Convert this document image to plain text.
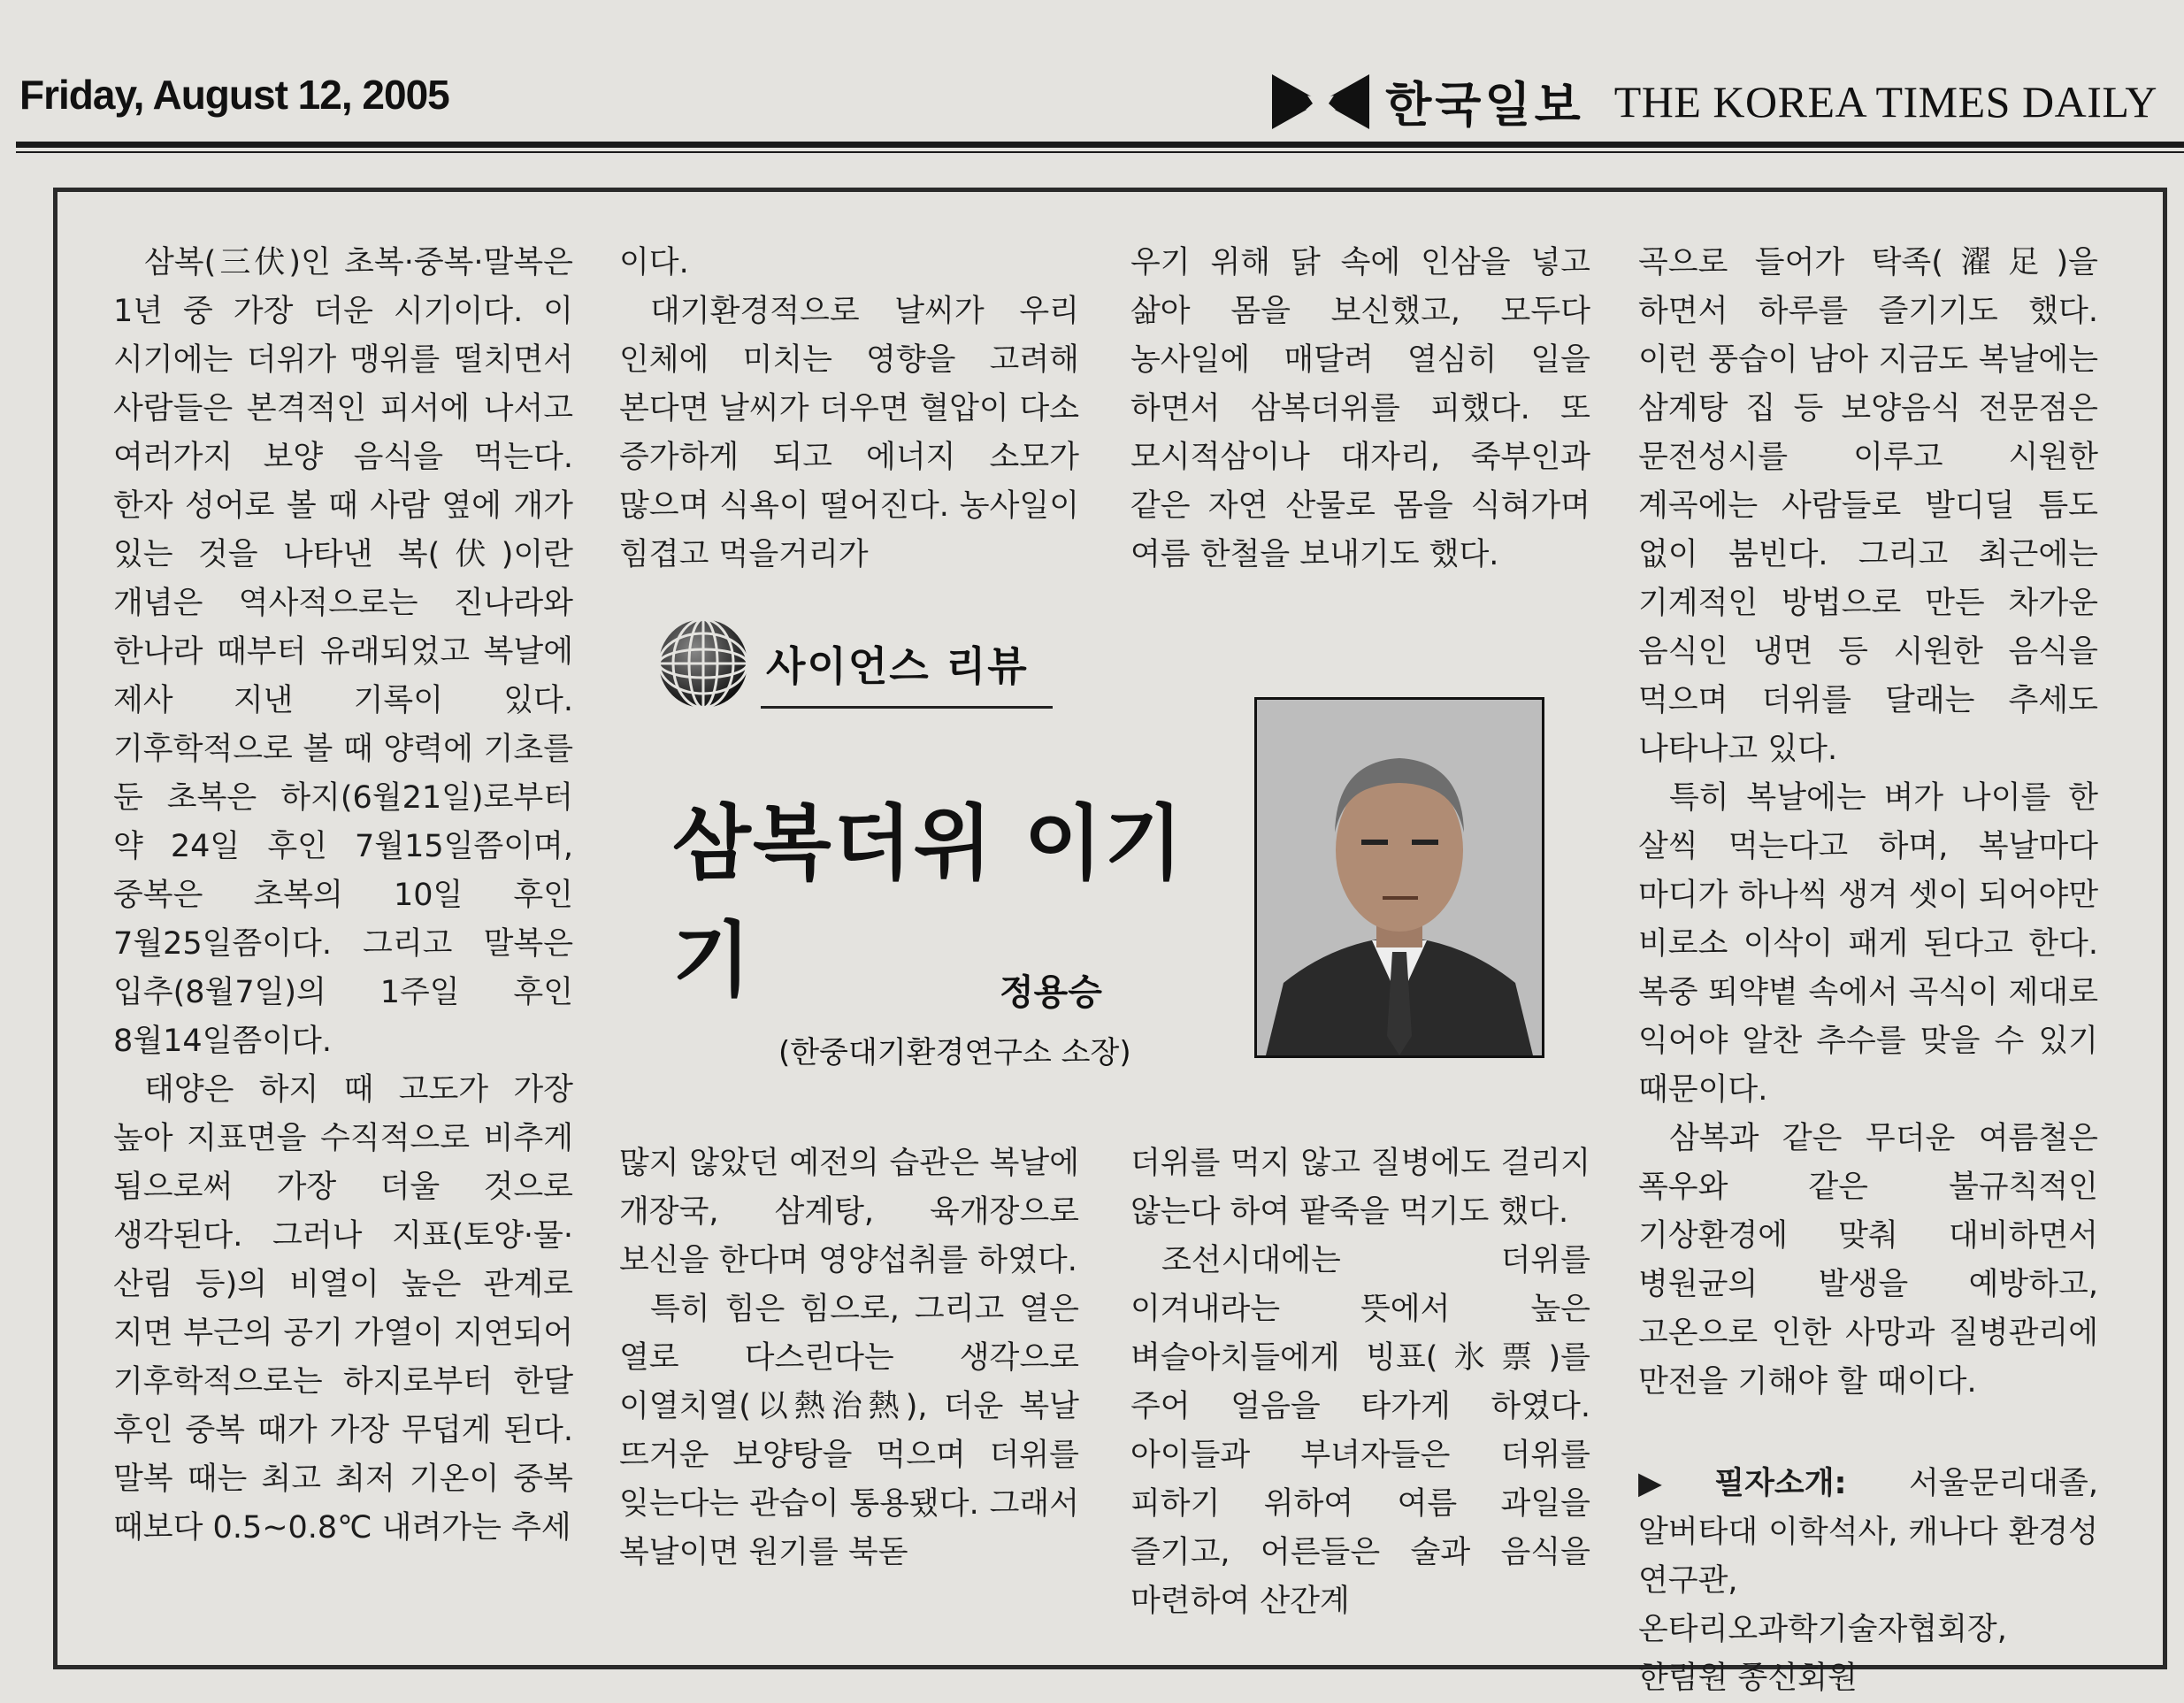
Friday, August 12, 2005	한국일보 THE KOREA TIMES DAILY

삼복(三伏)인 초복·중복·말복은 1년 중 가장 더운 시기이다. 이 시기에는 더위가 맹위를 떨치면서 사람들은 본격적인 피서에 나서고 여러가지 보양 음식을 먹는다. 한자 성어로 볼 때 사람 옆에 개가 있는 것을 나타낸 복(伏)이란 개념은 역사적으로는 진나라와 한나라 때부터 유래되었고 복날에 제사 지낸 기록이 있다. 기후학적으로 볼 때 양력에 기초를 둔 초복은 하지(6월21일)로부터 약 24일 후인 7월15일쯤이며, 중복은 초복의 10일 후인 7월25일쯤이다. 그리고 말복은 입추(8월7일)의 1주일 후인 8월14일쯤이다.

태양은 하지 때 고도가 가장 높아 지표면을 수직적으로 비추게 됨으로써 가장 더울 것으로 생각된다. 그러나 지표(토양·물·산림 등)의 비열이 높은 관계로 지면 부근의 공기 가열이 지연되어 기후학적으로는 하지로부터 한달 후인 중복 때가 가장 무덥게 된다. 말복 때는 최고 최저 기온이 중복 때보다 0.5~0.8℃ 내려가는 추세

이다.

대기환경적으로 날씨가 우리 인체에 미치는 영향을 고려해 본다면 날씨가 더우면 혈압이 다소 증가하게 되고 에너지 소모가 많으며 식욕이 떨어진다. 농사일이 힘겹고 먹을거리가

사이언스 리뷰
삼복더위 이기기	정용승
(한중대기환경연구소 소장)

우기 위해 닭 속에 인삼을 넣고 삶아 몸을 보신했고, 모두다 농사일에 매달려 열심히 일을 하면서 삼복더위를 피했다. 또 모시적삼이나 대자리, 죽부인과 같은 자연 산물로 몸을 식혀가며 여름 한철을 보내기도 했다.

곡으로 들어가 탁족(濯足)을 하면서 하루를 즐기기도 했다. 이런 풍습이 남아 지금도 복날에는 삼계탕 집 등 보양음식 전문점은 문전성시를 이루고 시원한 계곡에는 사람들로 발디딜 틈도 없이 붐빈다. 그리고 최근에는 기계적인 방법으로 만든 차가운 음식인 냉면 등 시원한 음식을 먹으며 더위를 달래는 추세도 나타나고 있다.

특히 복날에는 벼가 나이를 한 살씩 먹는다고 하며, 복날마다 마디가 하나씩 생겨 셋이 되어야만 비로소 이삭이 패게 된다고 한다. 복중 뙤약볕 속에서 곡식이 제대로 익어야 알찬 추수를 맞을 수 있기 때문이다.

삼복과 같은 무더운 여름철은 폭우와 같은 불규칙적인 기상환경에 맞춰 대비하면서 병원균의 발생을 예방하고, 고온으로 인한 사망과 질병관리에 만전을 기해야 할 때이다.

▶필자소개: 서울문리대졸, 알버타대 이학석사, 캐나다 환경성 연구관, 온타리오과학기술자협회장, 한림원 종신회원

많지 않았던 예전의 습관은 복날에 개장국, 삼계탕, 육개장으로 보신을 한다며 영양섭취를 하였다.

특히 힘은 힘으로, 그리고 열은 열로 다스린다는 생각으로 이열치열(以熱治熱), 더운 복날 뜨거운 보양탕을 먹으며 더위를 잊는다는 관습이 통용됐다. 그래서 복날이면 원기를 북돋

더위를 먹지 않고 질병에도 걸리지 않는다 하여 팥죽을 먹기도 했다.

조선시대에는 더위를 이겨내라는 뜻에서 높은 벼슬아치들에게 빙표(氷票)를 주어 얼음을 타가게 하였다. 아이들과 부녀자들은 더위를 피하기 위하여 여름 과일을 즐기고, 어른들은 술과 음식을 마련하여 산간계
